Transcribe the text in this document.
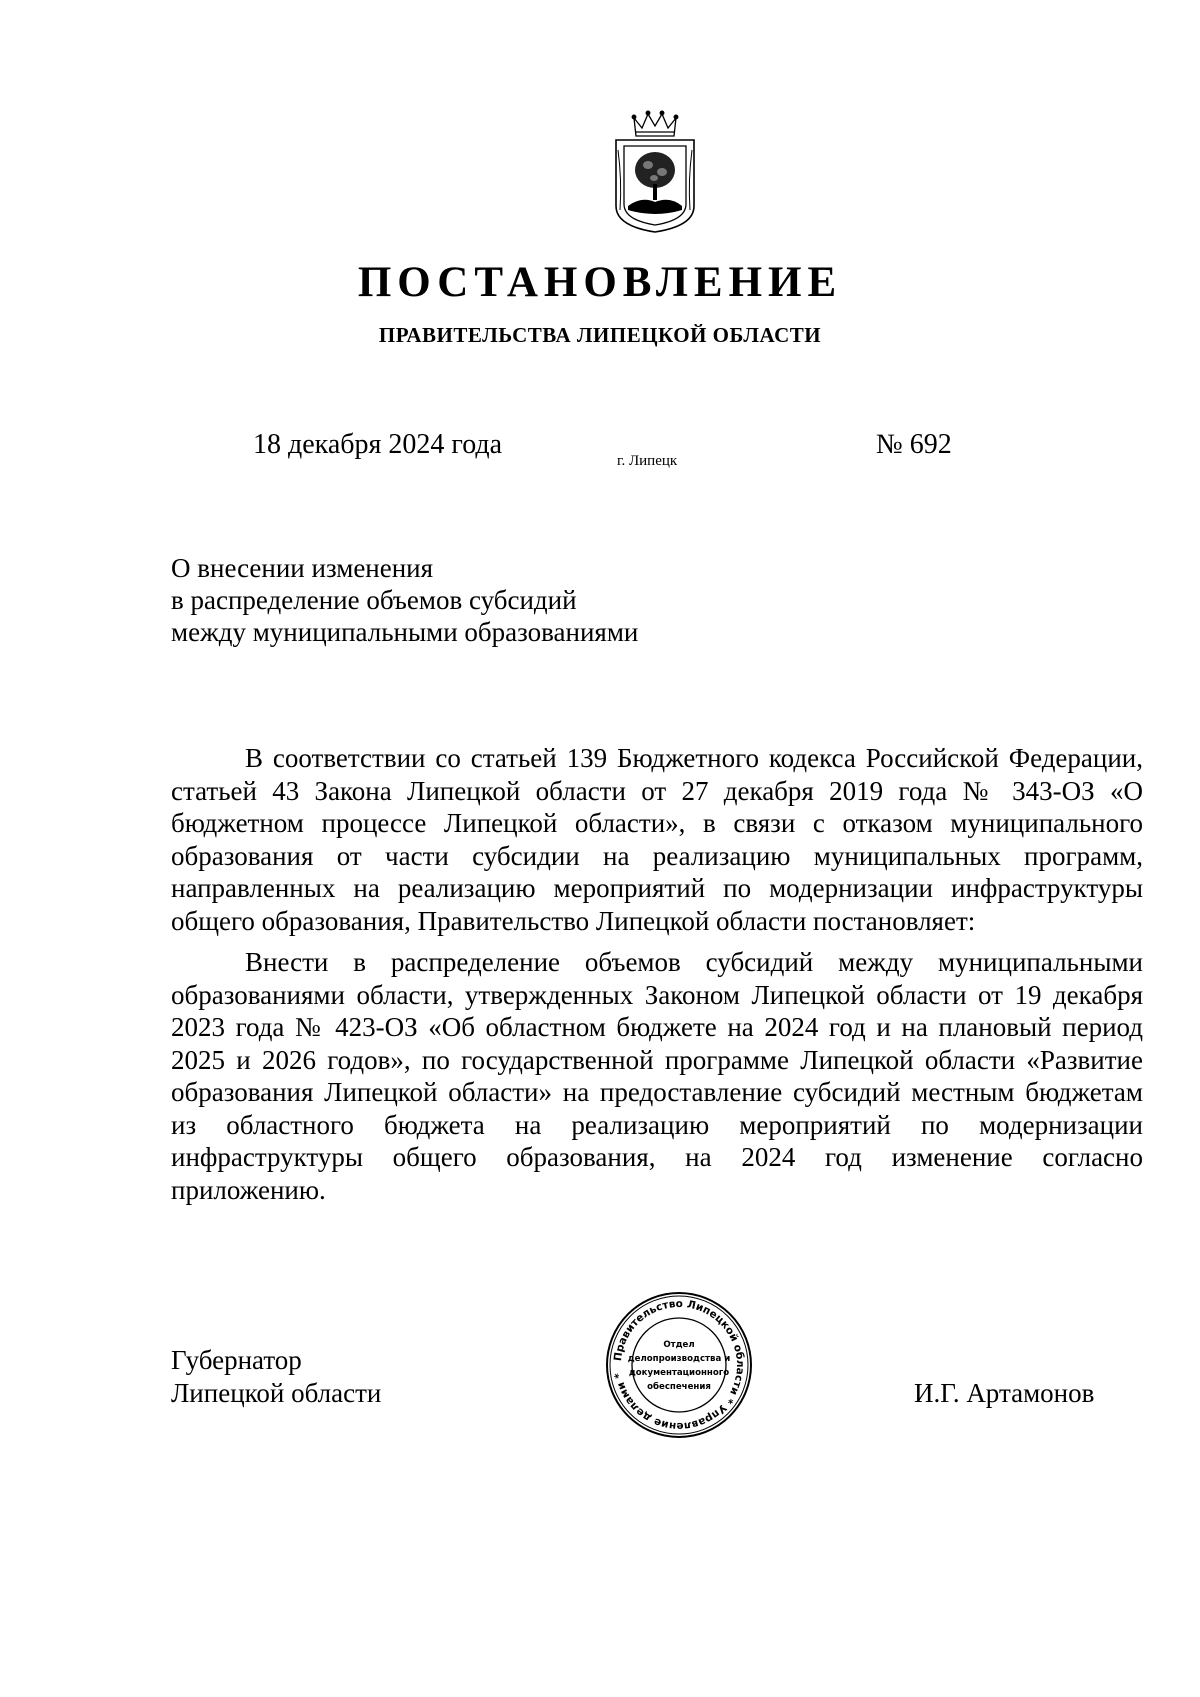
ПОСТАНОВЛЕНИЕ
ПРАВИТЕЛЬСТВА ЛИПЕЦКОЙ ОБЛАСТИ
18 декабря 2024 года
г. Липецк
№ 692
О внесении изменения
в распределение объемов субсидий
между муниципальными образованиями

В соответствии со статьей 139 Бюджетного кодекса Российской Федерации, статьей 43 Закона Липецкой области от 27 декабря 2019 года № 343-ОЗ «О бюджетном процессе Липецкой области», в связи с отказом муниципального образования от части субсидии на реализацию муниципальных программ, направленных на реализацию мероприятий по модернизации инфраструктуры общего образования, Правительство Липецкой области постановляет:

Внести в распределение объемов субсидий между муниципальными образованиями области, утвержденных Законом Липецкой области от 19 декабря 2023 года № 423-ОЗ «Об областном бюджете на 2024 год и на плановый период 2025 и 2026 годов», по государственной программе Липецкой области «Развитие образования Липецкой области» на предоставление субсидий местным бюджетам из областного бюджета на реализацию мероприятий по модернизации инфраструктуры общего образования, на 2024 год изменение согласно приложению.

Губернатор
Липецкой области
Правительство Липецкой области * Управление делами *
Отдел
делопроизводства и
документационного
обеспечения	И.Г. Артамонов
